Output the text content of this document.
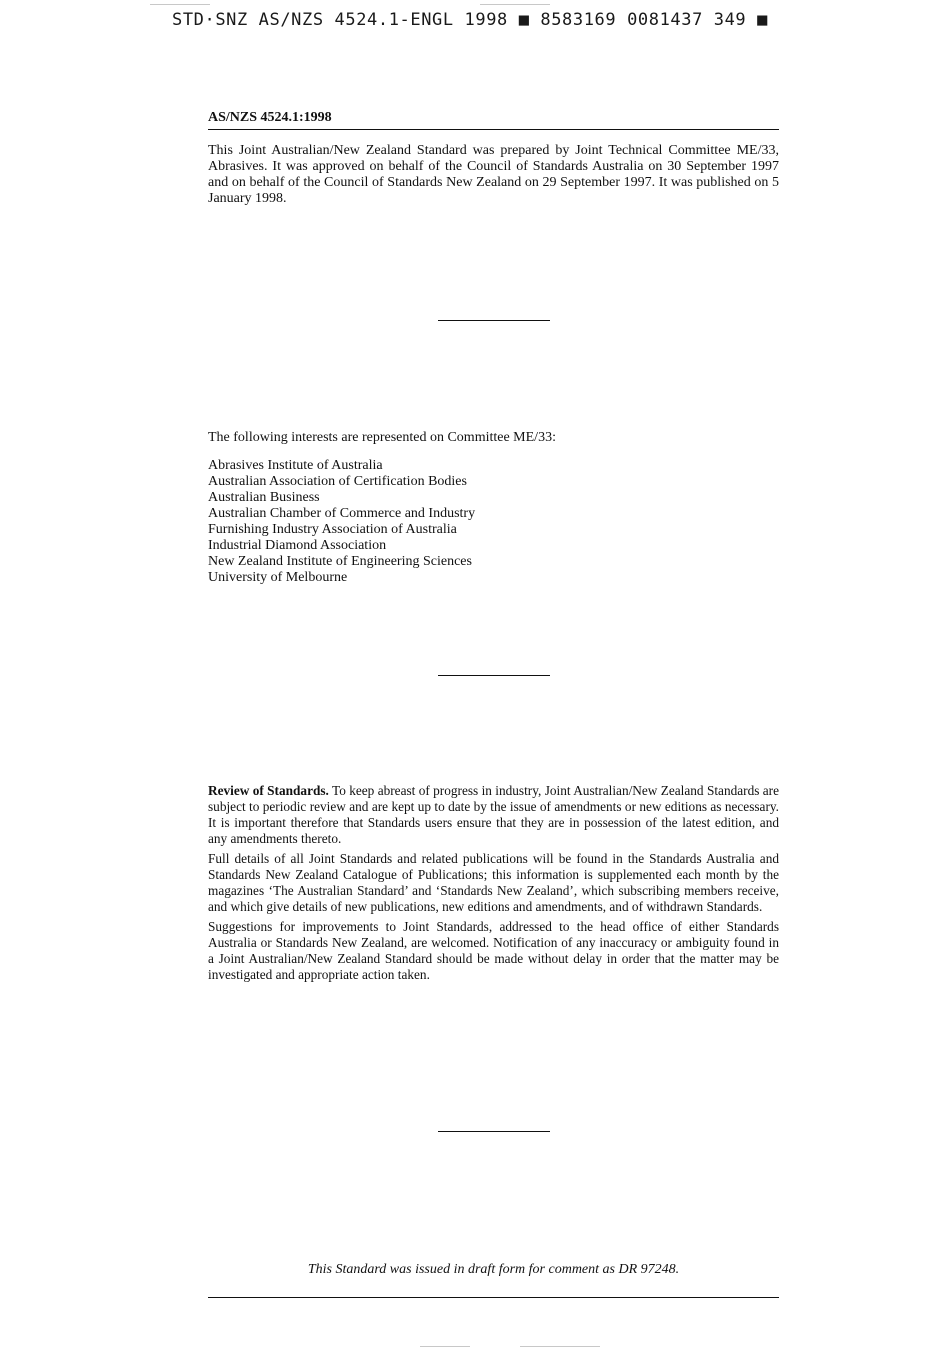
STD·SNZ AS/NZS 4524.1-ENGL 1998 ■ 8583169 0081437 349 ■
AS/NZS 4524.1:1998

This Joint Australian/New Zealand Standard was prepared by Joint Technical Committee ME/33, Abrasives. It was approved on behalf of the Council of Standards Australia on 30 September 1997 and on behalf of the Council of Standards New Zealand on 29 September 1997. It was published on 5 January 1998.

The following interests are represented on Committee ME/33:

Abrasives Institute of Australia
Australian Association of Certification Bodies
Australian Business
Australian Chamber of Commerce and Industry
Furnishing Industry Association of Australia
Industrial Diamond Association
New Zealand Institute of Engineering Sciences
University of Melbourne

Review of Standards. To keep abreast of progress in industry, Joint Australian/New Zealand Standards are subject to periodic review and are kept up to date by the issue of amendments or new editions as necessary. It is important therefore that Standards users ensure that they are in possession of the latest edition, and any amendments thereto.

Full details of all Joint Standards and related publications will be found in the Standards Australia and Standards New Zealand Catalogue of Publications; this information is supplemented each month by the magazines ‘The Australian Standard’ and ‘Standards New Zealand’, which subscribing members receive, and which give details of new publications, new editions and amendments, and of withdrawn Standards.

Suggestions for improvements to Joint Standards, addressed to the head office of either Standards Australia or Standards New Zealand, are welcomed. Notification of any inaccuracy or ambiguity found in a Joint Australian/New Zealand Standard should be made without delay in order that the matter may be investigated and appropriate action taken.

This Standard was issued in draft form for comment as DR 97248.
